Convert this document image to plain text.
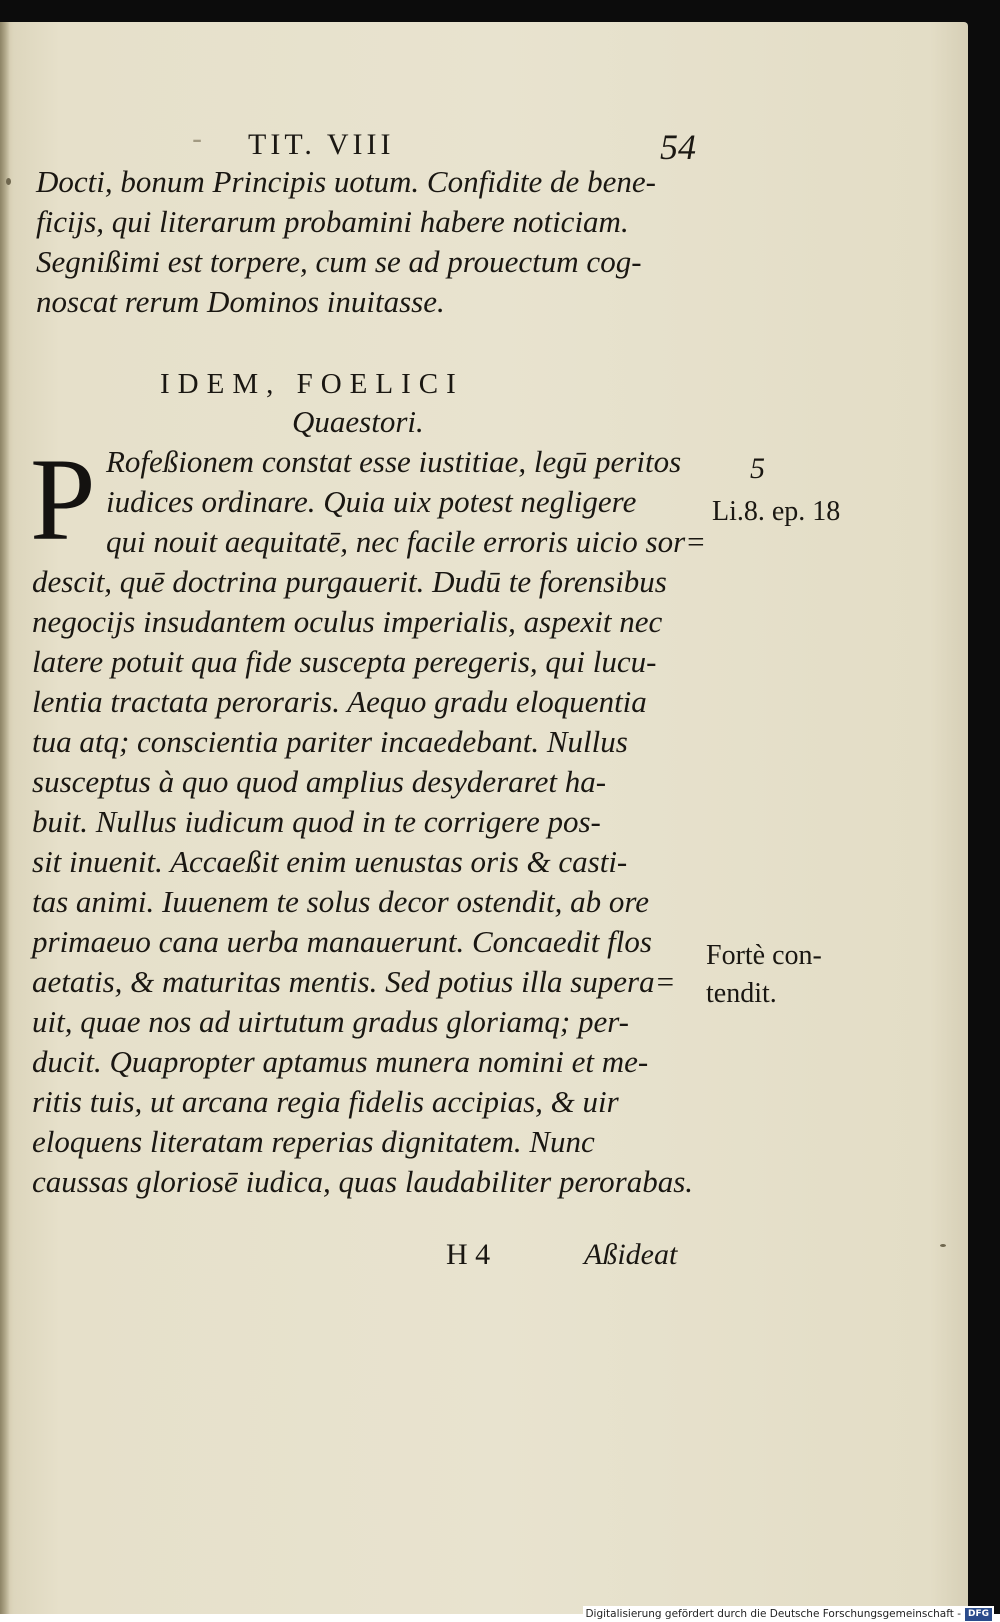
- TIT. VIII	54
Docti, bonum Principis uotum. Confidite de bene-
ficijs, qui literarum probamini habere noticiam.
Segnißimi est torpere, cum se ad prouectum cog-
noscat rerum Dominos inuitasse.
IDEM, FOELICI
Quaestori.
P Rofeßionem constat esse iustitiae, legū peritos
iudices ordinare. Quia uix potest negligere
qui nouit aequitatē, nec facile erroris uicio sor=
descit, quē doctrina purgauerit. Dudū te forensibus
negocijs insudantem oculus imperialis, aspexit nec
latere potuit qua fide susceptа peregeris, qui lucu-
lentia tractata peroraris. Aequo gradu eloquentia
tua atq; conscientia pariter incaedebant. Nullus
susceptus à quo quod amplius desyderaret ha-
buit. Nullus iudicum quod in te corrigere pos-
sit inuenit. Accaeßit enim uenustas oris & casti-
tas animi. Iuuenem te solus decor ostendit, ab ore
primaeuo cana uerba manauerunt. Concaedit flos
aetatis, & maturitas mentis. Sed potius illa supera=
uit, quae nos ad uirtutum gradus gloriamq; per-
ducit. Quapropter aptamus munera nomini et me-
ritis tuis, ut arcana regia fidelis accipias, & uir
eloquens literatam reperias dignitatem. Nunc
caussas gloriosē iudica, quas laudabiliter perorabas.
5
Li.8. ep. 18
Fortè con-
tendit.
H 4	Aßideat
Digitalisierung gefördert durch die Deutsche Forschungsgemeinschaft - DFG
